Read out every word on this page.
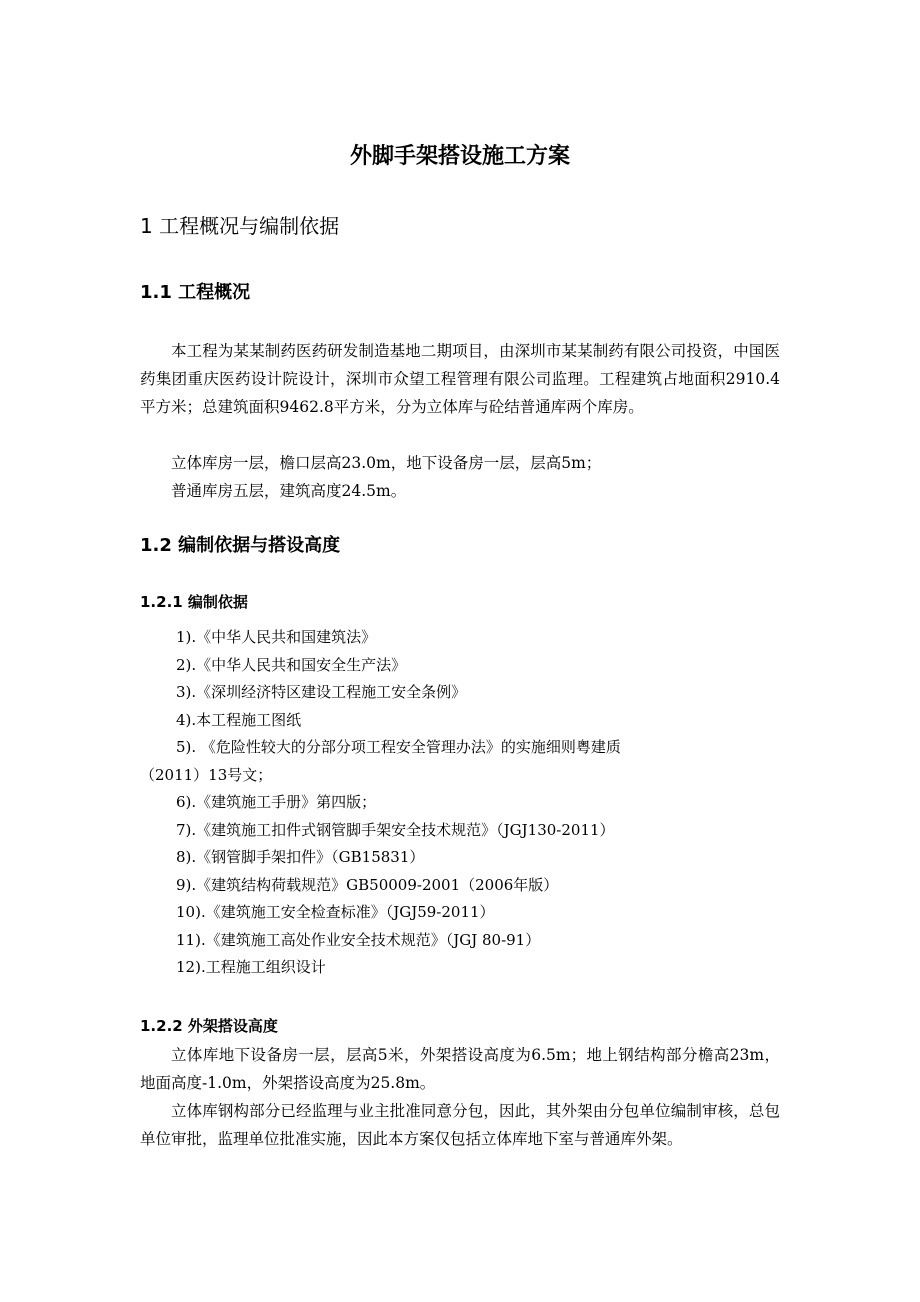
外脚手架搭设施工方案
1 工程概况与编制依据
1.1 工程概况
本工程为某某制药医药研发制造基地二期项目，由深圳市某某制药有限公司投资，中国医药集团重庆医药设计院设计，深圳市众望工程管理有限公司监理。工程建筑占地面积2910.4平方米；总建筑面积9462.8平方米，分为立体库与砼结普通库两个库房。
立体库房一层，檐口层高23.0m，地下设备房一层，层高5m；
普通库房五层，建筑高度24.5m。
1.2 编制依据与搭设高度
1.2.1 编制依据
1).《中华人民共和国建筑法》
2).《中华人民共和国安全生产法》
3).《深圳经济特区建设工程施工安全条例》
4).本工程施工图纸
5). 《危险性较大的分部分项工程安全管理办法》的实施细则粤建质
（2011）13号文；
6).《建筑施工手册》第四版；
7).《建筑施工扣件式钢管脚手架安全技术规范》（JGJ130-2011）
8).《钢管脚手架扣件》（GB15831）
9).《建筑结构荷载规范》GB50009-2001（2006年版）
10).《建筑施工安全检查标准》（JGJ59-2011）
11).《建筑施工高处作业安全技术规范》（JGJ 80-91）
12).工程施工组织设计
1.2.2 外架搭设高度
立体库地下设备房一层，层高5米，外架搭设高度为6.5m；地上钢结构部分檐高23m，地面高度-1.0m，外架搭设高度为25.8m。
立体库钢构部分已经监理与业主批准同意分包，因此，其外架由分包单位编制审核，总包单位审批，监理单位批准实施，因此本方案仅包括立体库地下室与普通库外架。
